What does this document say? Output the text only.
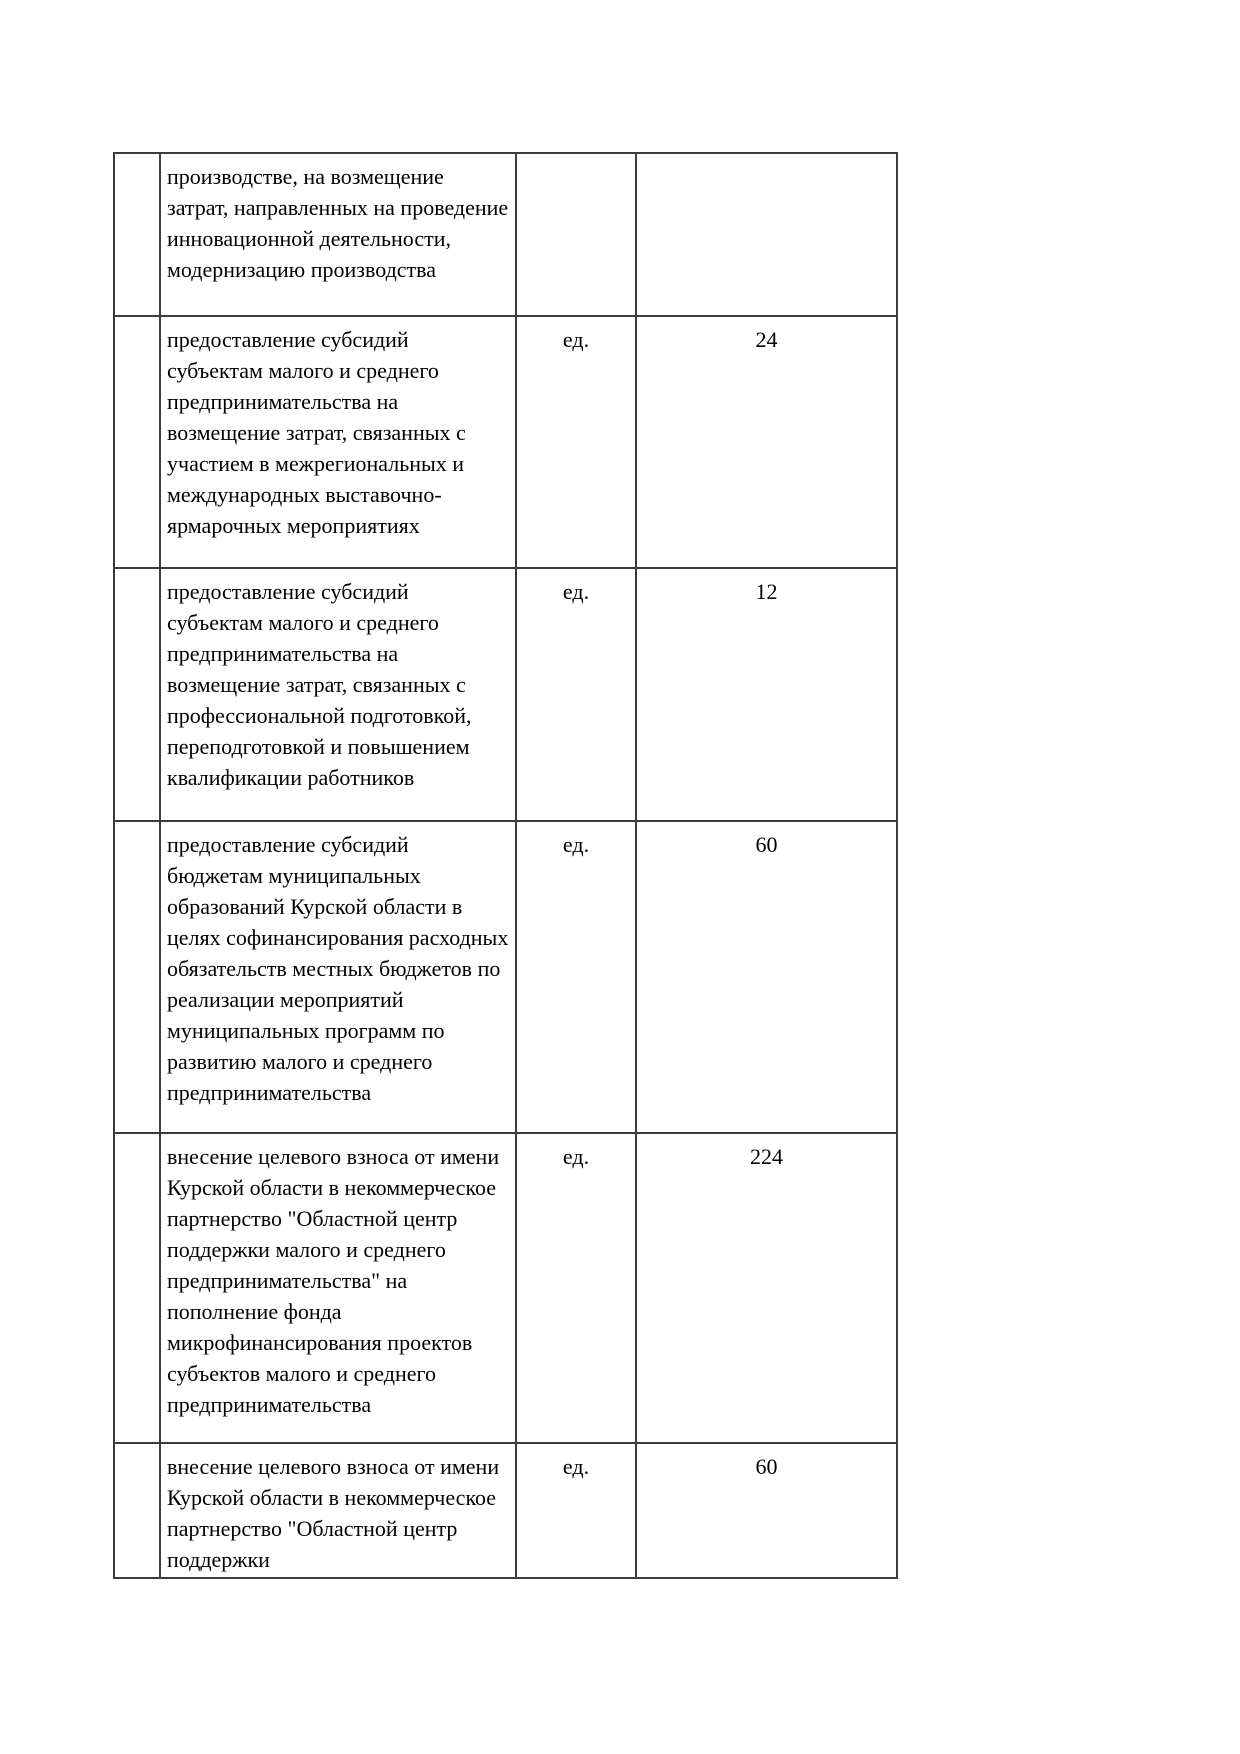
	производстве, на возмещение затрат, направленных на проведение инновационной деятельности, модернизацию производства		
	предоставление субсидий субъектам малого и среднего предпринимательства на возмещение затрат, связанных с участием в межрегиональных и международных выставочно-ярмарочных мероприятиях	ед.	24
	предоставление субсидий субъектам малого и среднего предпринимательства на возмещение затрат, связанных с профессиональной подготовкой, переподготовкой и повышением квалификации работников	ед.	12
	предоставление субсидий бюджетам муниципальных образований Курской области в целях софинансирования расходных обязательств местных бюджетов по реализации мероприятий муниципальных программ по развитию малого и среднего предпринимательства	ед.	60
	внесение целевого взноса от имени Курской области в некоммерческое партнерство "Областной центр поддержки малого и среднего предпринимательства" на пополнение фонда микрофинансирования проектов субъектов малого и среднего предпринимательства	ед.	224
	внесение целевого взноса от имени Курской области в некоммерческое партнерство "Областной центр поддержки	ед.	60
